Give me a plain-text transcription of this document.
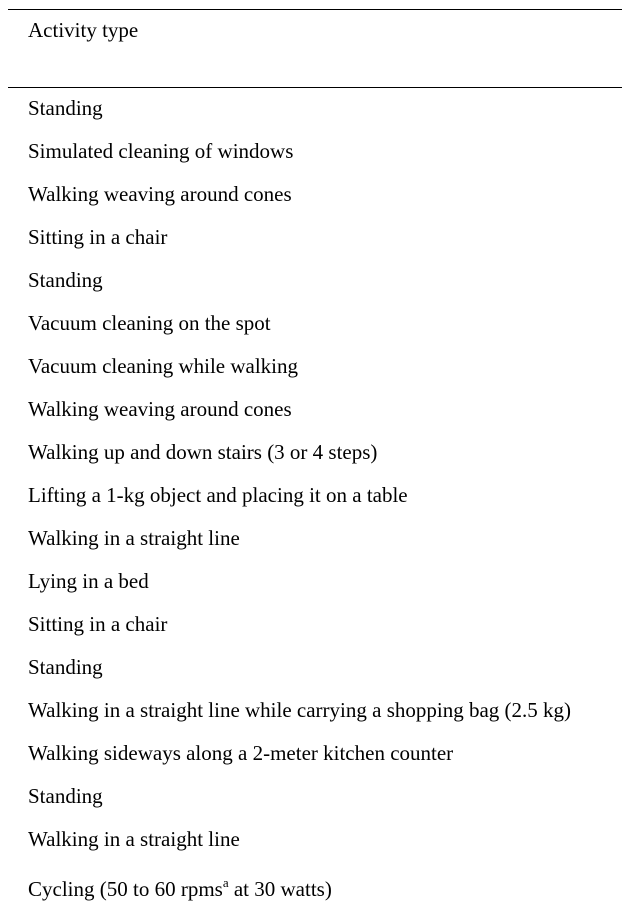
Activity type
Standing
Simulated cleaning of windows
Walking weaving around cones
Sitting in a chair
Standing
Vacuum cleaning on the spot
Vacuum cleaning while walking
Walking weaving around cones
Walking up and down stairs (3 or 4 steps)
Lifting a 1-kg object and placing it on a table
Walking in a straight line
Lying in a bed
Sitting in a chair
Standing
Walking in a straight line while carrying a shopping bag (2.5 kg)
Walking sideways along a 2-meter kitchen counter
Standing
Walking in a straight line
Cycling (50 to 60 rpms$^a$ at 30 watts)
